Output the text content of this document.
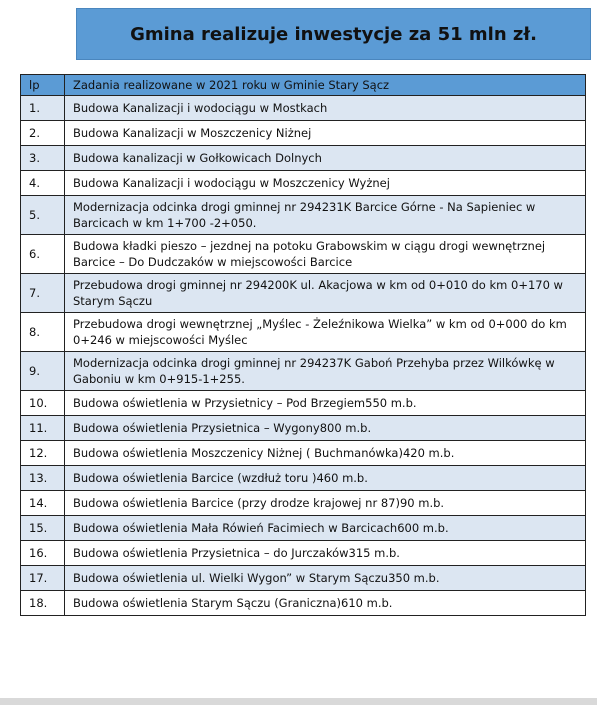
Gmina realizuje inwestycje za 51 mln zł.
lp	Zadania realizowane w 2021 roku w Gminie Stary Sącz
1.	Budowa Kanalizacji i wodociągu w Mostkach
2.	Budowa Kanalizacji w Moszczenicy Niżnej
3.	Budowa kanalizacji w Gołkowicach Dolnych
4.	Budowa Kanalizacji i wodociągu w Moszczenicy Wyżnej
5.	Modernizacja odcinka drogi gminnej nr 294231K Barcice Górne - Na Sapieniec w Barcicach w km 1+700 -2+050.
6.	Budowa kładki pieszo – jezdnej na potoku Grabowskim w ciągu drogi wewnętrznej Barcice – Do Dudczaków w miejscowości Barcice
7.	Przebudowa drogi gminnej nr 294200K ul. Akacjowa w km od 0+010 do km 0+170 w Starym Sączu
8.	Przebudowa drogi wewnętrznej „Myślec - Żeleźnikowa Wielka” w km od 0+000 do km 0+246 w miejscowości Myślec
9.	Modernizacja odcinka drogi gminnej nr 294237K Gaboń Przehyba przez Wilkówkę w Gaboniu w km 0+915-1+255.
10.	Budowa oświetlenia w Przysietnicy – Pod Brzegiem550 m.b.
11.	Budowa oświetlenia Przysietnica – Wygony800 m.b.
12.	Budowa oświetlenia Moszczenicy Niżnej ( Buchmanówka)420 m.b.
13.	Budowa oświetlenia Barcice (wzdłuż toru )460 m.b.
14.	Budowa oświetlenia Barcice (przy drodze krajowej nr 87)90 m.b.
15.	Budowa oświetlenia Mała Rówień Facimiech w Barcicach600 m.b.
16.	Budowa oświetlenia Przysietnica – do Jurczaków315 m.b.
17.	Budowa oświetlenia ul. Wielki Wygon” w Starym Sączu350 m.b.
18.	Budowa oświetlenia Starym Sączu (Graniczna)610 m.b.
